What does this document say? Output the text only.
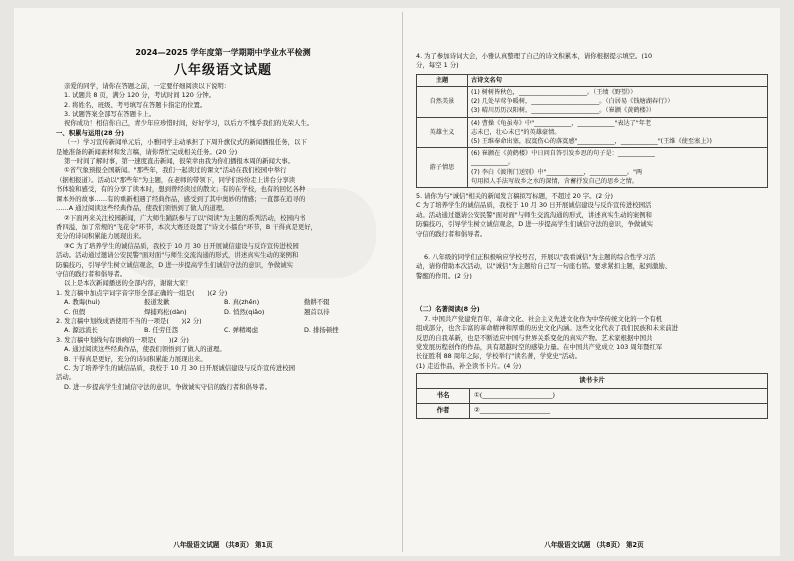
2024—2025 学年度第一学期期中学业水平检测
八年级语文试题

亲爱的同学，请你在答题之前，一定要仔细阅读以下说明：

1. 试题共 8 页，满分 120 分，考试时间 120 分钟。

2. 将姓名、班级、考号填写在答题卡指定的位置。

3. 试题答案全部写在答题卡上。

祝你成功！相信你自己，青少年应珍惜时间，好好学习，以后方不愧乎我们的光荣人生。

一、积累与运用(28 分)

（一）学习宣传新闻单元后，小雅同学主动承担了下周升旗仪式的新闻播报任务，以下

是她准备的新闻素材和发言稿，请你帮忙完成相关任务。(20 分)

第一时间了解时事，第一速度直击新闻，很荣幸由我为你们播报本周的新闻大事。

①省气象预报全国新闻。"那些年，我们一起读过的课文"活动在我们校园中举行

（据相报道）。活动以"那些年"为主题，在老师的带领下，同学们纷纷走上讲台分享读

书体验和感受，有的分享了读本时，想到曾经读过的散文；有的在学校，也有的回忆各种

课本外的故事……有的重新相遇了经典作品，感受到了其中奥妙的情感；一直都在追寻的

……A 通过阅读这些经典作品，使我们领悟到了做人的道理。

②下面再来关注校园新闻，广大师生踊跃参与了以"阅读"为主题的系列活动，校园内书

香四溢，加了常规的"飞花令"环节，本次大赛还设置了"诗文小擂台"环节，B 干得真是更好，

充分的诗词积累能力展现出来。

③C 为了培养学生的诚信品质，我校于 10 月 30 日开展诚信建设与反诈宣传进校园

活动。活动通过邀请公安民警"面对面"与师生交流沟通的形式，讲述真实生动的案例和

防骗技巧，引导学生树立诚信观念，D 进一步提高学生们诚信守法的意识，争做诚实

守信的践行者和倡导者。

以上是本次新闻播送的全部内容，谢谢大家！

1. 发言稿中加点字词字音字形全部正确的一组是(　　)(2 分)

A. 教诲(huì)	报道发歉	B. 真(zhěn)	勤耕不辍

C. 但假	焊捕鸡松(dàn)	D. 悄然(qiǎo)	翘首以待

2. 发言稿中划线成语使用不当的一项是(　　)(2 分)

A. 源远流长	B. 任劳任怨	C. 弹精竭虑	D. 排扬顿挫

3. 发言稿中划线句有语病的一项是(　　)(2 分)

A. 通过阅读这些经典作品，使我们领悟到了做人的道理。

B. 干得真是更好，充分的诗词积累能力展现出来。

C. 为了培养学生的诚信品质，我校于 10 月 30 日开展诚信建设与反诈宣传进校园

活动。

D. 进一步提高学生们诚信守法的意识，争做诚实守信的践行者和倡导者。

八年级语文试题 （共8页） 第1页

4. 为了参加诗词大会，小雅认真整理了自己的诗文积累本，请你根据提示填空。(10

分，每空 1 分)

主题	古诗文名句
自然美景	(1) 树树皆秋色，______________________。（王绩《野望》）
(2) 几处早莺争暖树，______________________。（白居易《钱塘湖春行》）
(3) 晴川历历汉阳树，______________________。（崔颢《黄鹤楼》）

英雄主义	(4) 曹操《龟虽寿》中"____________，____________"表达了"年老
志未已，壮心未已"的英雄豪情。
(5) 王维奉命出塞，寂寞伤心的落寞感"____________，____________"(王维《使至塞上》)

游子情思	(6) 崔颢在《黄鹤楼》中日问自答引发乡思的句子是：____________
____________。
(7) 李白《渡荆门送别》中"____________，____________。"两
句用拟人手法写故乡之水的深情，含蓄抒发自己的思乡之情。

5. 请你为与"诚信"相关的新闻发言稿拟写标题，不超过 20 字。(2 分)

C 为了培养学生的诚信品质，我校于 10 月 30 日开展诚信建设与反诈宣传进校园活

动。活动通过邀请公安民警"面对面"与师生交流沟通的形式，讲述真实生动的案例和

防骗技巧，引导学生树立诚信观念，D 进一步提高学生们诚信守法的意识，争做诚实

守信的践行者和倡导者。

6. 八年级的同学们正积极响应学校号召，开展以"我看诚信"为主题的综合性学习活

动，请你借助本次活动，以"诚信"为主题给自己写一句座右铭。要求紧扣主题，起到激励、

警醒的作用。(2 分)

（二）名著阅读(8 分)

7. 中国共产党建党百年，革命文化、社会主义先进文化作为中华传统文化的一个有机

组成部分，也含丰富的革命精神和厚重的历史文化内涵。这些文化代表了我们民族和未来前进

反思的自我革新，也是不断适应中国与世界关系变化的真实产物。艺术家根据中国共

党发展历程创作的作品，具有超越时空的感染力量。在中国共产党成立 103 周年暨红军

长征胜利 88 周年之际，学校举行"读名著，学党史"活动。

(1) 走近作品，补全读书卡片。(4 分)

读书卡片	
书名	①(______________________)
作者	②______________________
八年级语文试题 （共8页） 第2页
